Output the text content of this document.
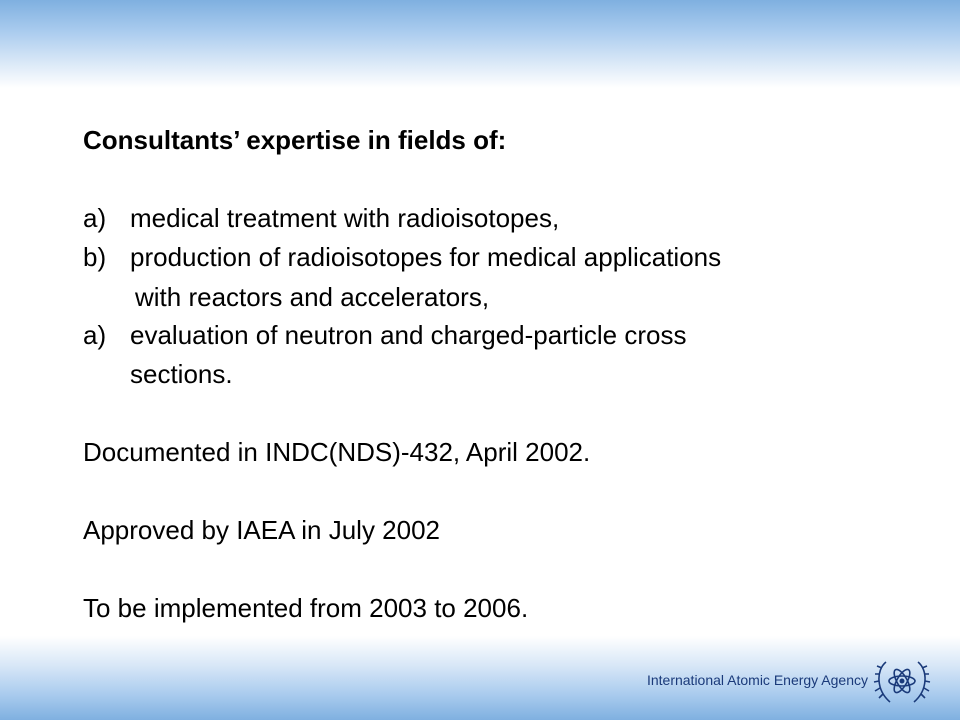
Consultants’ expertise in fields of:
a) medical treatment with radioisotopes,
b) production of radioisotopes for medical applications
with reactors and accelerators,
a) evaluation of neutron and charged-particle cross
sections.
Documented in INDC(NDS)-432, April 2002.
Approved by IAEA in July 2002
To be implemented from 2003 to 2006.
International Atomic Energy Agency
